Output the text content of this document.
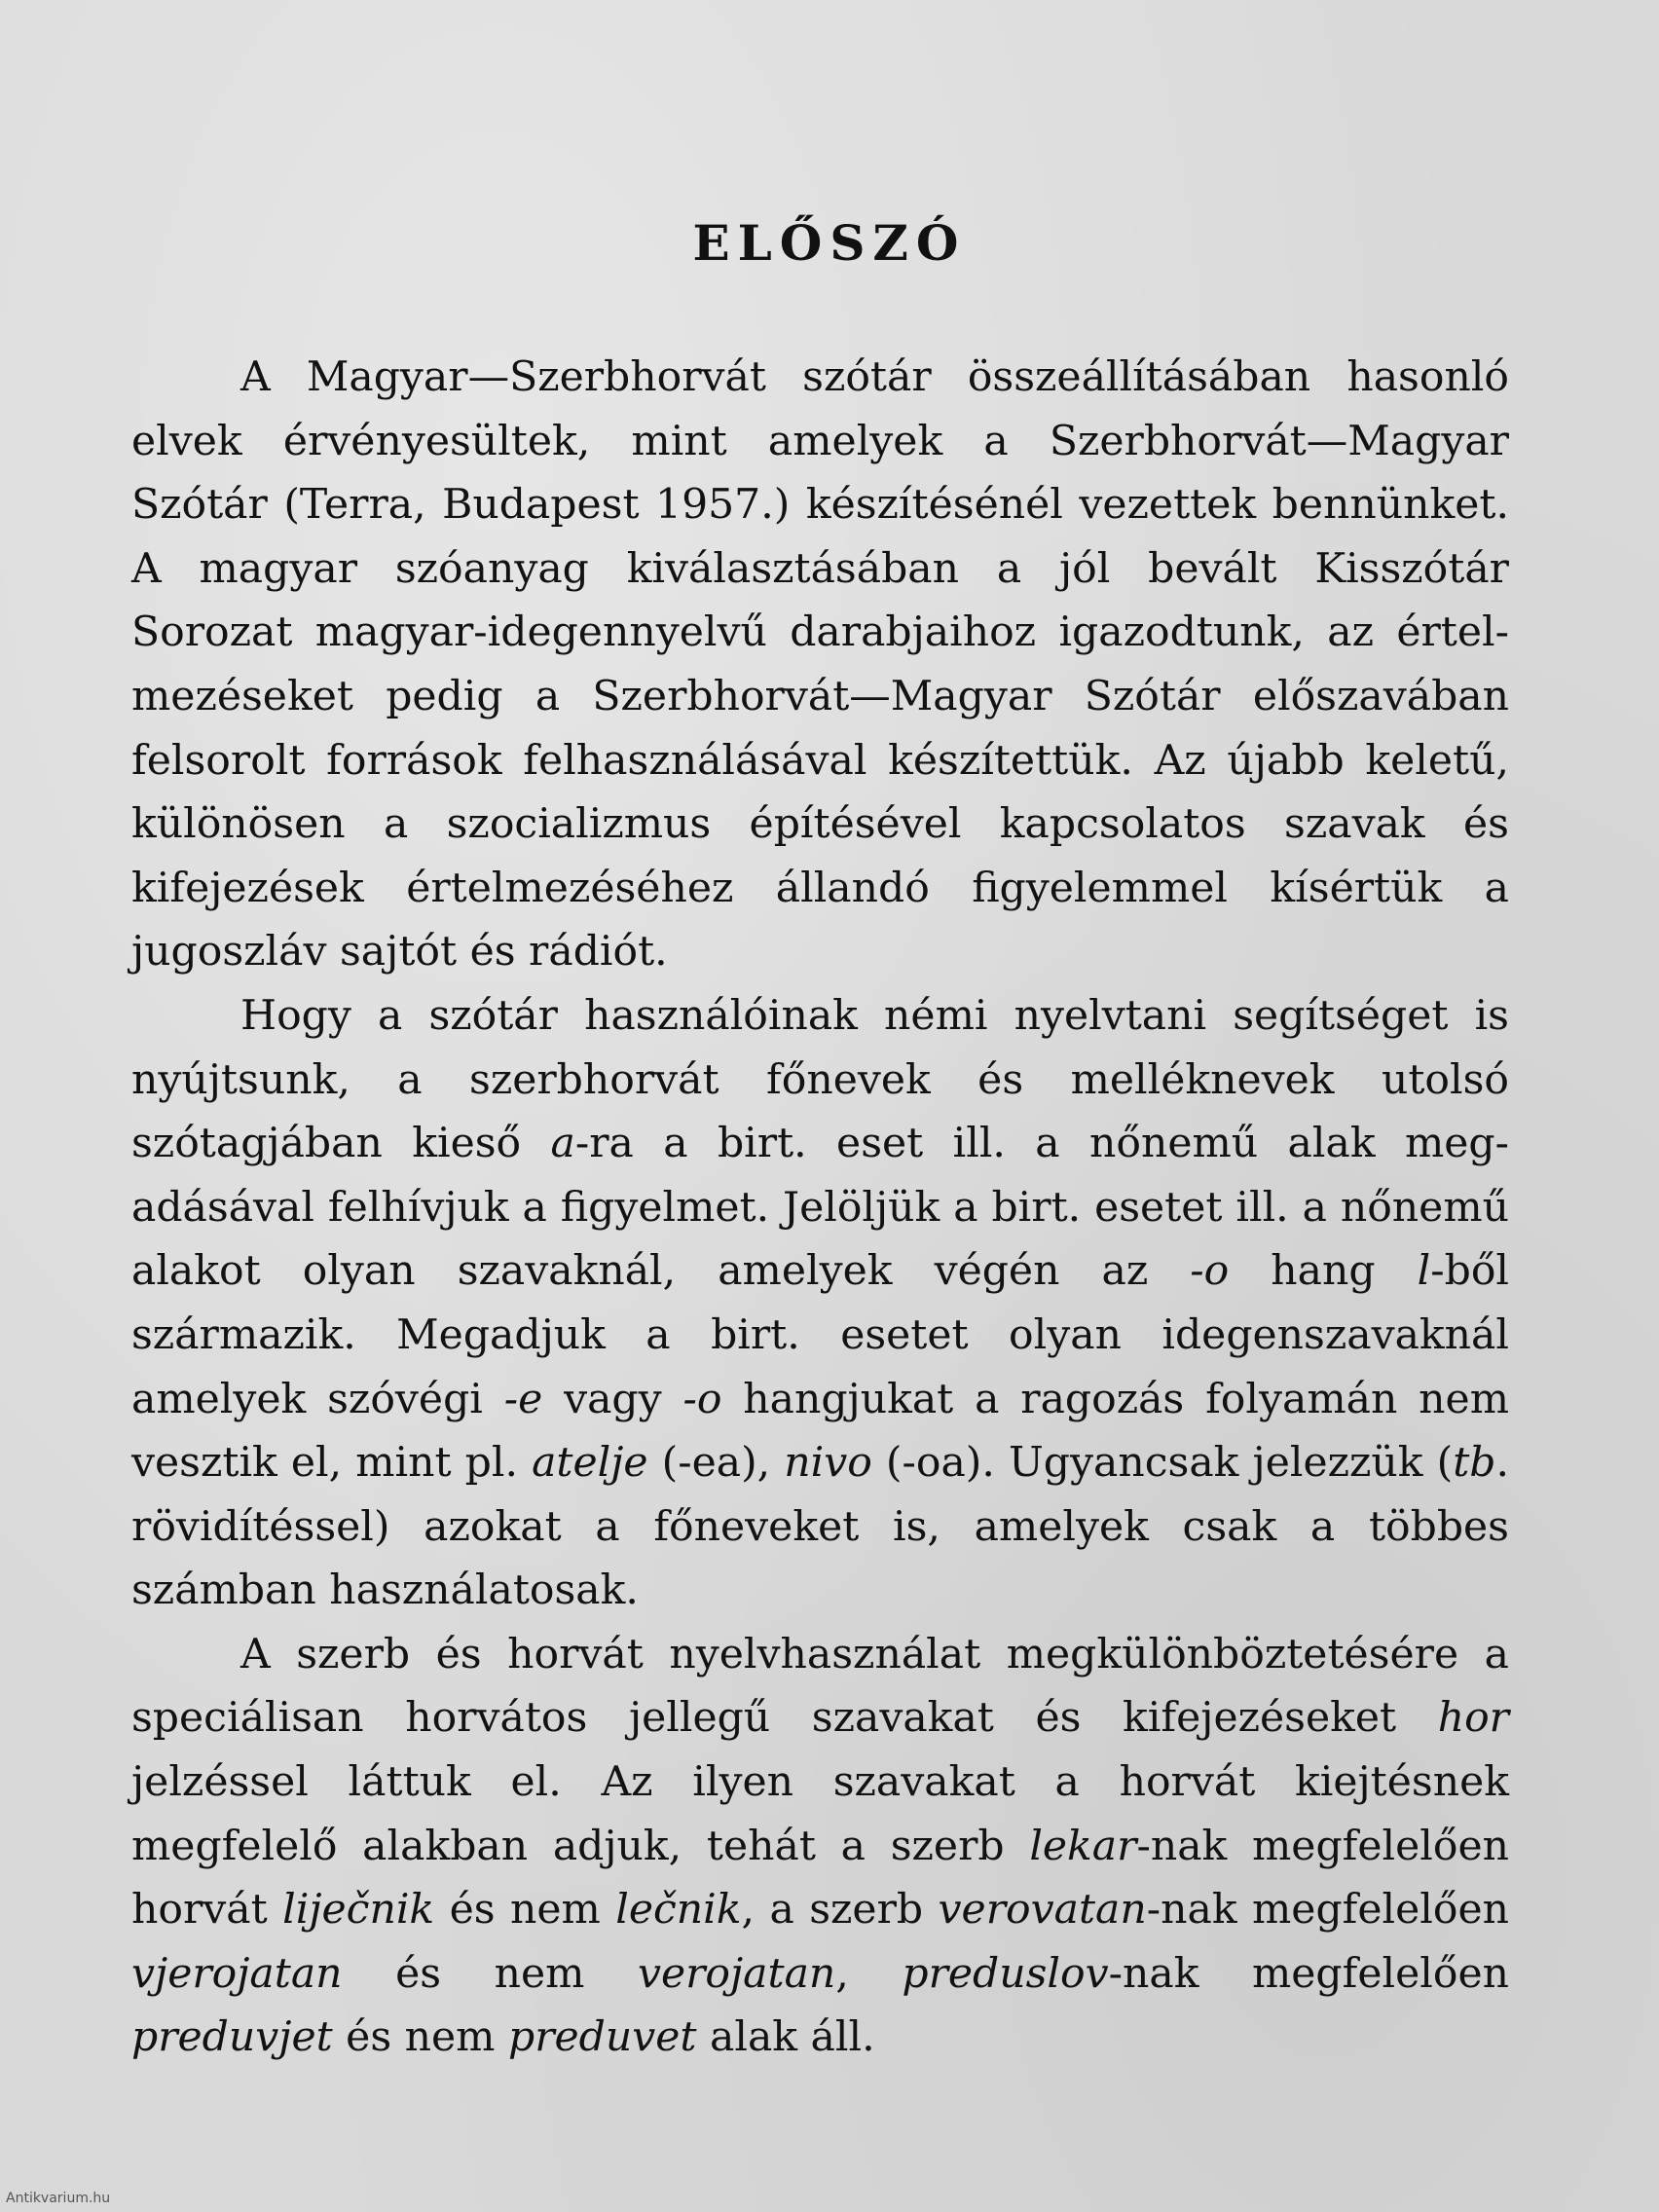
ELŐSZÓ

A Magyar—Szerbhorvát szótár összeállításában hasonló elvek érvényesültek, mint amelyek a Szerbhorvát—Magyar Szótár (Terra, Budapest 1957.) készítésénél vezettek bennünket. A magyar szóanyag kiválasztásában a jól bevált Kisszótár Sorozat magyar-idegennyelvű darabjaihoz igazodtunk, az értelmezéseket pedig a Szerbhorvát—Magyar Szótár előszavában felsorolt források felhasználásával készítettük. Az újabb keletű, különösen a szocializmus építésével kapcsolatos szavak és kifejezések értelmezéséhez állandó figyelemmel kísértük a jugoszláv sajtót és rádiót.

Hogy a szótár használóinak némi nyelvtani segítséget is nyújtsunk, a szerbhorvát főnevek és melléknevek utolsó szótagjában kieső a-ra a birt. eset ill. a nőnemű alak megadásával felhívjuk a figyelmet. Jelöljük a birt. esetet ill. a nőnemű alakot olyan szavaknál, amelyek végén az -o hang l-ből származik. Megadjuk a birt. esetet olyan idegenszavaknál amelyek szóvégi -e vagy -o hangjukat a ragozás folyamán nem vesztik el, mint pl. atelje (-ea), nivo (-oa). Ugyancsak jelezzük (tb. rövidítéssel) azokat a főneveket is, amelyek csak a többes számban használatosak.

A szerb és horvát nyelvhasználat megkülönböztetésére a speciálisan horvátos jellegű szavakat és kifejezéseket hor jelzéssel láttuk el. Az ilyen szavakat a horvát kiejtésnek megfelelő alakban adjuk, tehát a szerb lekar-nak megfelelően horvát liječnik és nem lečnik, a szerb verovatan-nak megfelelően vjerojatan és nem verojatan, preduslov-nak megfelelően preduvjet és nem preduvet alak áll.

Antikvarium.hu
